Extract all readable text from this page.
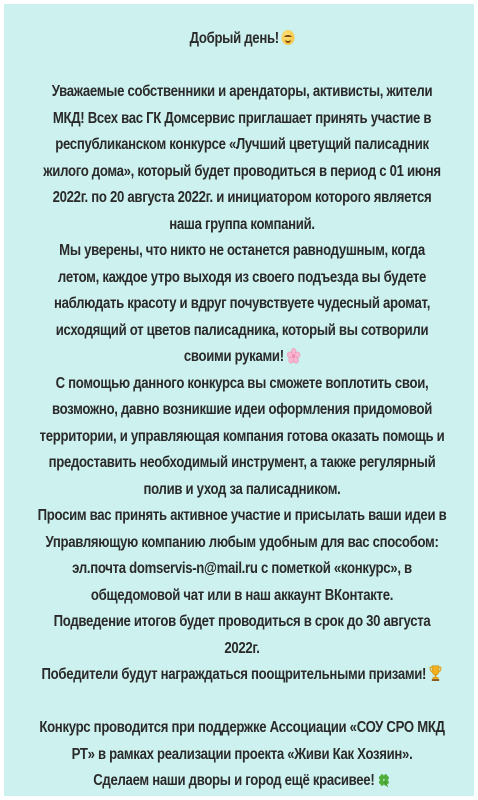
Добрый день!
Уважаемые собственники и арендаторы, активисты, жители
МКД! Всех вас ГК Домсервис приглашает принять участие в
республиканском конкурсе «Лучший цветущий палисадник
жилого дома», который будет проводиться в период с 01 июня
2022г. по 20 августа 2022г. и инициатором которого является
наша группа компаний.
Мы уверены, что никто не останется равнодушным, когда
летом, каждое утро выходя из своего подъезда вы будете
наблюдать красоту и вдруг почувствуете чудесный аромат,
исходящий от цветов палисадника, который вы сотворили
своими руками!
С помощью данного конкурса вы сможете воплотить свои,
возможно, давно возникшие идеи оформления придомовой
территории, и управляющая компания готова оказать помощь и
предоставить необходимый инструмент, а также регулярный
полив и уход за палисадником.
Просим вас принять активное участие и присылать ваши идеи в
Управляющую компанию любым удобным для вас способом:
эл.почта domservis-n@mail.ru с пометкой «конкурс», в
общедомовой чат или в наш аккаунт ВКонтакте.
Подведение итогов будет проводиться в срок до 30 августа
2022г.
Победители будут награждаться поощрительными призами!
Конкурс проводится при поддержке Ассоциации «СОУ СРО МКД
РТ» в рамках реализации проекта «Живи Как Хозяин».
Сделаем наши дворы и город ещё красивее!
